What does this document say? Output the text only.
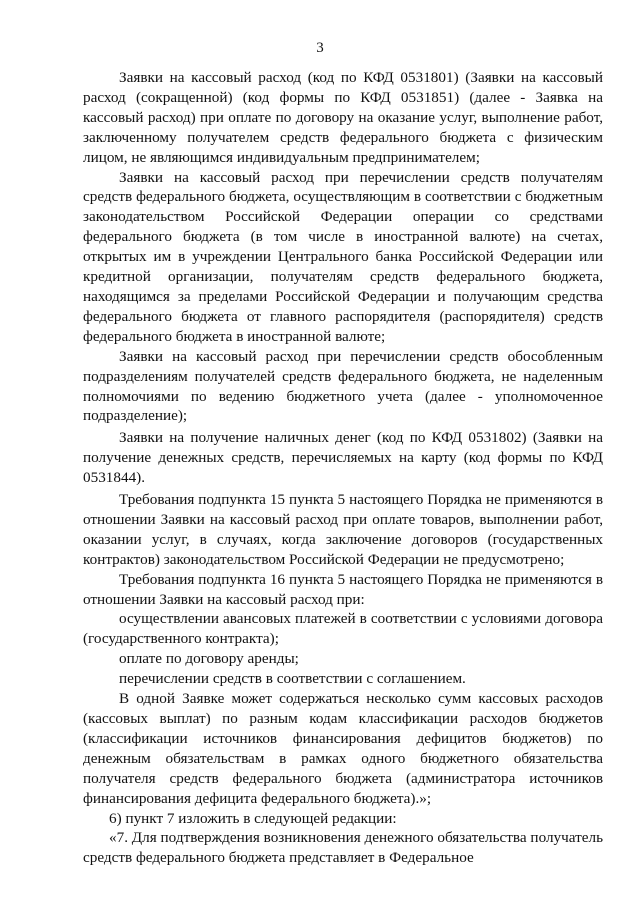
3

Заявки на кассовый расход (код по КФД 0531801) (Заявки на кассовый расход (сокращенной) (код формы по КФД 0531851) (далее - Заявка на кассовый расход) при оплате по договору на оказание услуг, выполнение работ, заключенному получателем средств федерального бюджета с физическим лицом, не являющимся индивидуальным предпринимателем;

Заявки на кассовый расход при перечислении средств получателям средств федерального бюджета, осуществляющим в соответствии с бюджетным законодательством Российской Федерации операции со средствами федерального бюджета (в том числе в иностранной валюте) на счетах, открытых им в учреждении Центрального банка Российской Федерации или кредитной организации, получателям средств федерального бюджета, находящимся за пределами Российской Федерации и получающим средства федерального бюджета от главного распорядителя (распорядителя) средств федерального бюджета в иностранной валюте;

Заявки на кассовый расход при перечислении средств обособленным подразделениям получателей средств федерального бюджета, не наделенным полномочиями по ведению бюджетного учета (далее - уполномоченное подразделение);

Заявки на получение наличных денег (код по КФД 0531802) (Заявки на получение денежных средств, перечисляемых на карту (код формы по КФД 0531844).

Требования подпункта 15 пункта 5 настоящего Порядка не применяются в отношении Заявки на кассовый расход при оплате товаров, выполнении работ, оказании услуг, в случаях, когда заключение договоров (государственных контрактов) законодательством Российской Федерации не предусмотрено;

Требования подпункта 16 пункта 5 настоящего Порядка не применяются в отношении Заявки на кассовый расход при:

осуществлении авансовых платежей в соответствии с условиями договора (государственного контракта);

оплате по договору аренды;

перечислении средств в соответствии с соглашением.

В одной Заявке может содержаться несколько сумм кассовых расходов (кассовых выплат) по разным кодам классификации расходов бюджетов (классификации источников финансирования дефицитов бюджетов) по денежным обязательствам в рамках одного бюджетного обязательства получателя средств федерального бюджета (администратора источников финансирования дефицита федерального бюджета).»;

6) пункт 7 изложить в следующей редакции:

«7. Для подтверждения возникновения денежного обязательства получатель средств федерального бюджета представляет в Федеральное
